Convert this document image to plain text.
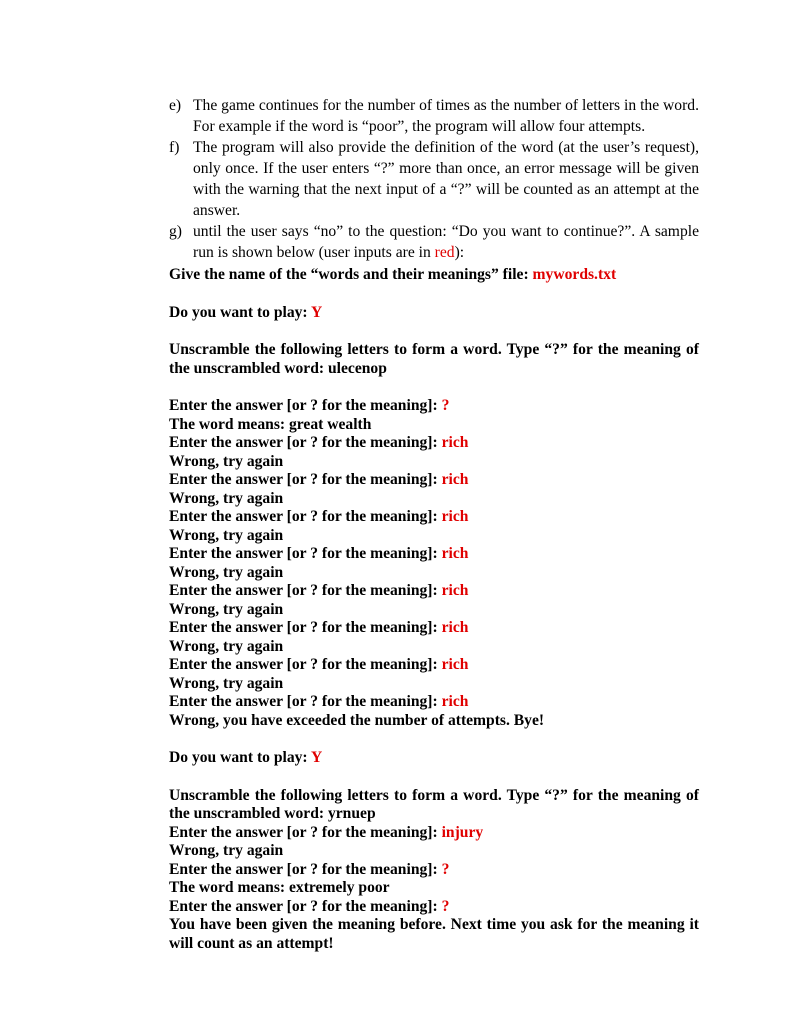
e) The game continues for the number of times as the number of letters in the word. For example if the word is “poor”, the program will allow four attempts.
f) The program will also provide the definition of the word (at the user’s request), only once. If the user enters “?” more than once, an error message will be given with the warning that the next input of a “?” will be counted as an attempt at the answer.
g) until the user says “no” to the question: “Do you want to continue?”. A sample run is shown below (user inputs are in red):
Give the name of the “words and their meanings” file: mywords.txt
Do you want to play: Y
Unscramble the following letters to form a word. Type “?” for the meaning of the unscrambled word: ulecenop
Enter the answer [or ? for the meaning]: ?
The word means: great wealth
Enter the answer [or ? for the meaning]: rich
Wrong, try again
Enter the answer [or ? for the meaning]: rich
Wrong, try again
Enter the answer [or ? for the meaning]: rich
Wrong, try again
Enter the answer [or ? for the meaning]: rich
Wrong, try again
Enter the answer [or ? for the meaning]: rich
Wrong, try again
Enter the answer [or ? for the meaning]: rich
Wrong, try again
Enter the answer [or ? for the meaning]: rich
Wrong, try again
Enter the answer [or ? for the meaning]: rich
Wrong, you have exceeded the number of attempts. Bye!
Do you want to play: Y
Unscramble the following letters to form a word. Type “?” for the meaning of the unscrambled word: yrnuep
Enter the answer [or ? for the meaning]: injury
Wrong, try again
Enter the answer [or ? for the meaning]: ?
The word means: extremely poor
Enter the answer [or ? for the meaning]: ?
You have been given the meaning before. Next time you ask for the meaning it will count as an attempt!
